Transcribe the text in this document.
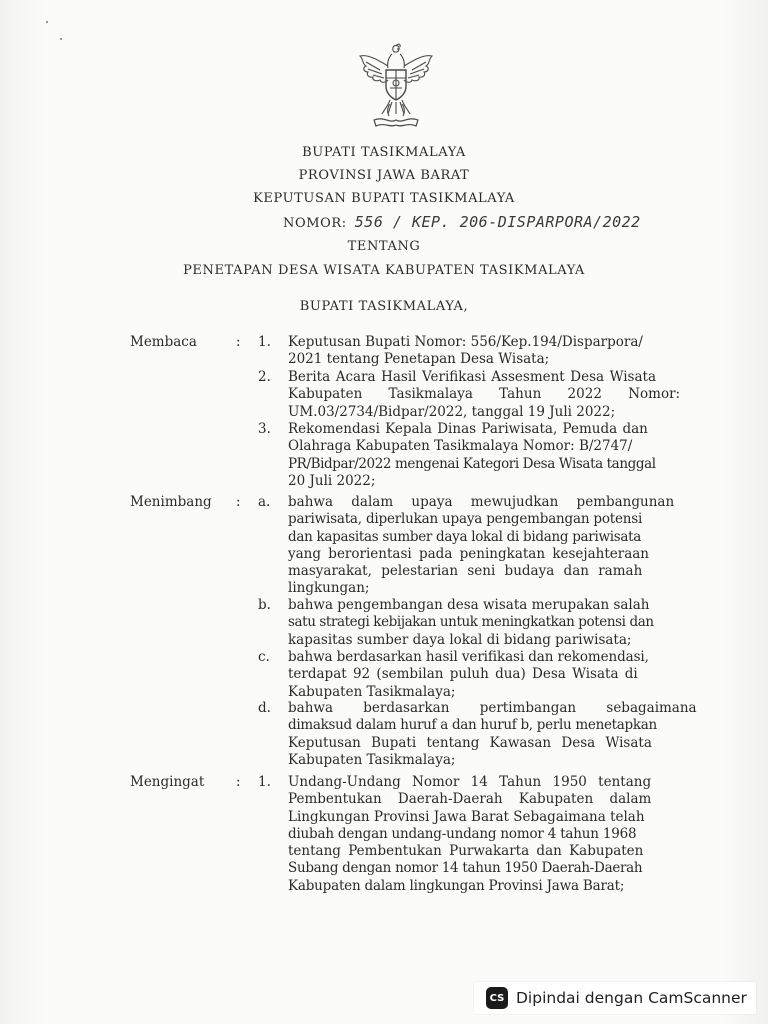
BUPATI TASIKMALAYA
PROVINSI JAWA BARAT
KEPUTUSAN BUPATI TASIKMALAYA
NOMOR: 556 / KEP. 206-DISPARPORA/2022
TENTANG
PENETAPAN DESA WISATA KABUPATEN TASIKMALAYA
BUPATI TASIKMALAYA,
Membaca	: 1. Keputusan Bupati Nomor: 556/Kep.194/Disparpora/
2021 tentang Penetapan Desa Wisata;
2. Berita Acara Hasil Verifikasi Assesment Desa Wisata
Kabupaten Tasikmalaya Tahun 2022 Nomor:
UM.03/2734/Bidpar/2022, tanggal 19 Juli 2022;
3. Rekomendasi Kepala Dinas Pariwisata, Pemuda dan
Olahraga Kabupaten Tasikmalaya Nomor: B/2747/
PR/Bidpar/2022 mengenai Kategori Desa Wisata tanggal
20 Juli 2022;
Menimbang : a. bahwa dalam upaya mewujudkan pembangunan
pariwisata, diperlukan upaya pengembangan potensi
dan kapasitas sumber daya lokal di bidang pariwisata
yang berorientasi pada peningkatan kesejahteraan
masyarakat, pelestarian seni budaya dan ramah
lingkungan;
b. bahwa pengembangan desa wisata merupakan salah
satu strategi kebijakan untuk meningkatkan potensi dan
kapasitas sumber daya lokal di bidang pariwisata;
c. bahwa berdasarkan hasil verifikasi dan rekomendasi,
terdapat 92 (sembilan puluh dua) Desa Wisata di
Kabupaten Tasikmalaya;
d. bahwa berdasarkan pertimbangan sebagaimana
dimaksud dalam huruf a dan huruf b, perlu menetapkan
Keputusan Bupati tentang Kawasan Desa Wisata
Kabupaten Tasikmalaya;
Mengingat : 1. Undang-Undang Nomor 14 Tahun 1950 tentang
Pembentukan Daerah-Daerah Kabupaten dalam
Lingkungan Provinsi Jawa Barat Sebagaimana telah
diubah dengan undang-undang nomor 4 tahun 1968
tentang Pembentukan Purwakarta dan Kabupaten
Subang dengan nomor 14 tahun 1950 Daerah-Daerah
Kabupaten dalam lingkungan Provinsi Jawa Barat;
CS Dipindai dengan CamScanner
